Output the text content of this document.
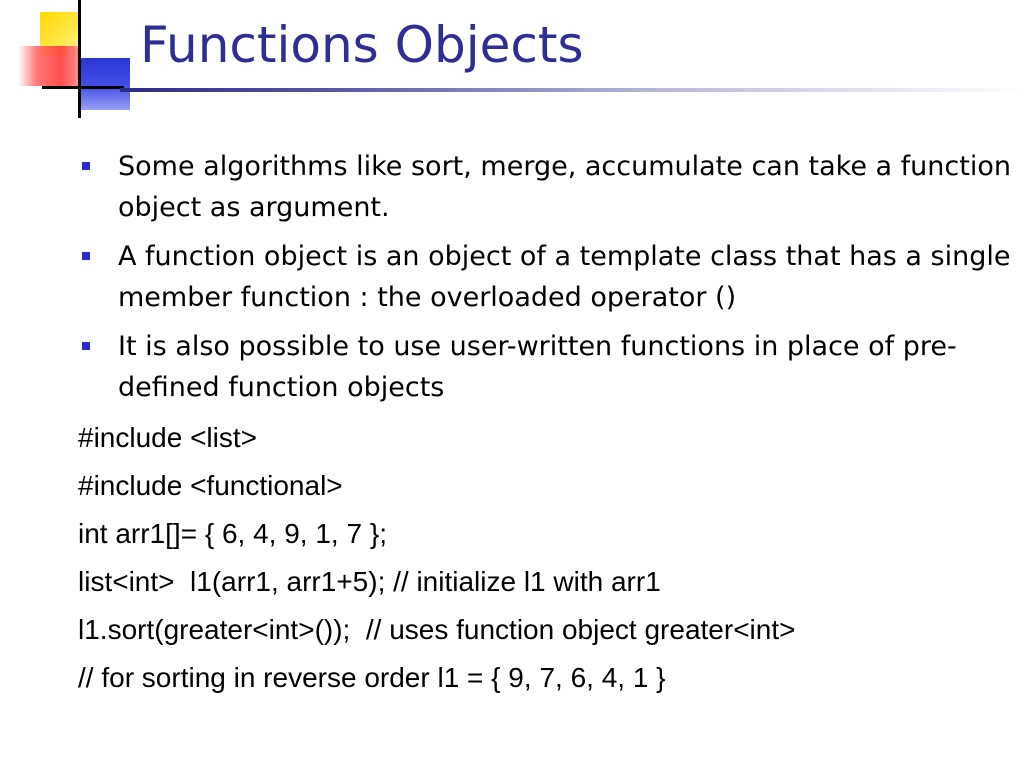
Functions Objects
Some algorithms like sort, merge, accumulate can take a function object as argument.
A function object is an object of a template class that has a single member function : the overloaded operator ()
It is also possible to use user-written functions in place of pre-defined function objects
#include <list>
#include <functional>
int arr1[]= { 6, 4, 9, 1, 7 };
list<int>  l1(arr1, arr1+5); // initialize l1 with arr1
l1.sort(greater<int>());  // uses function object greater<int>
// for sorting in reverse order l1 = { 9, 7, 6, 4, 1 }
